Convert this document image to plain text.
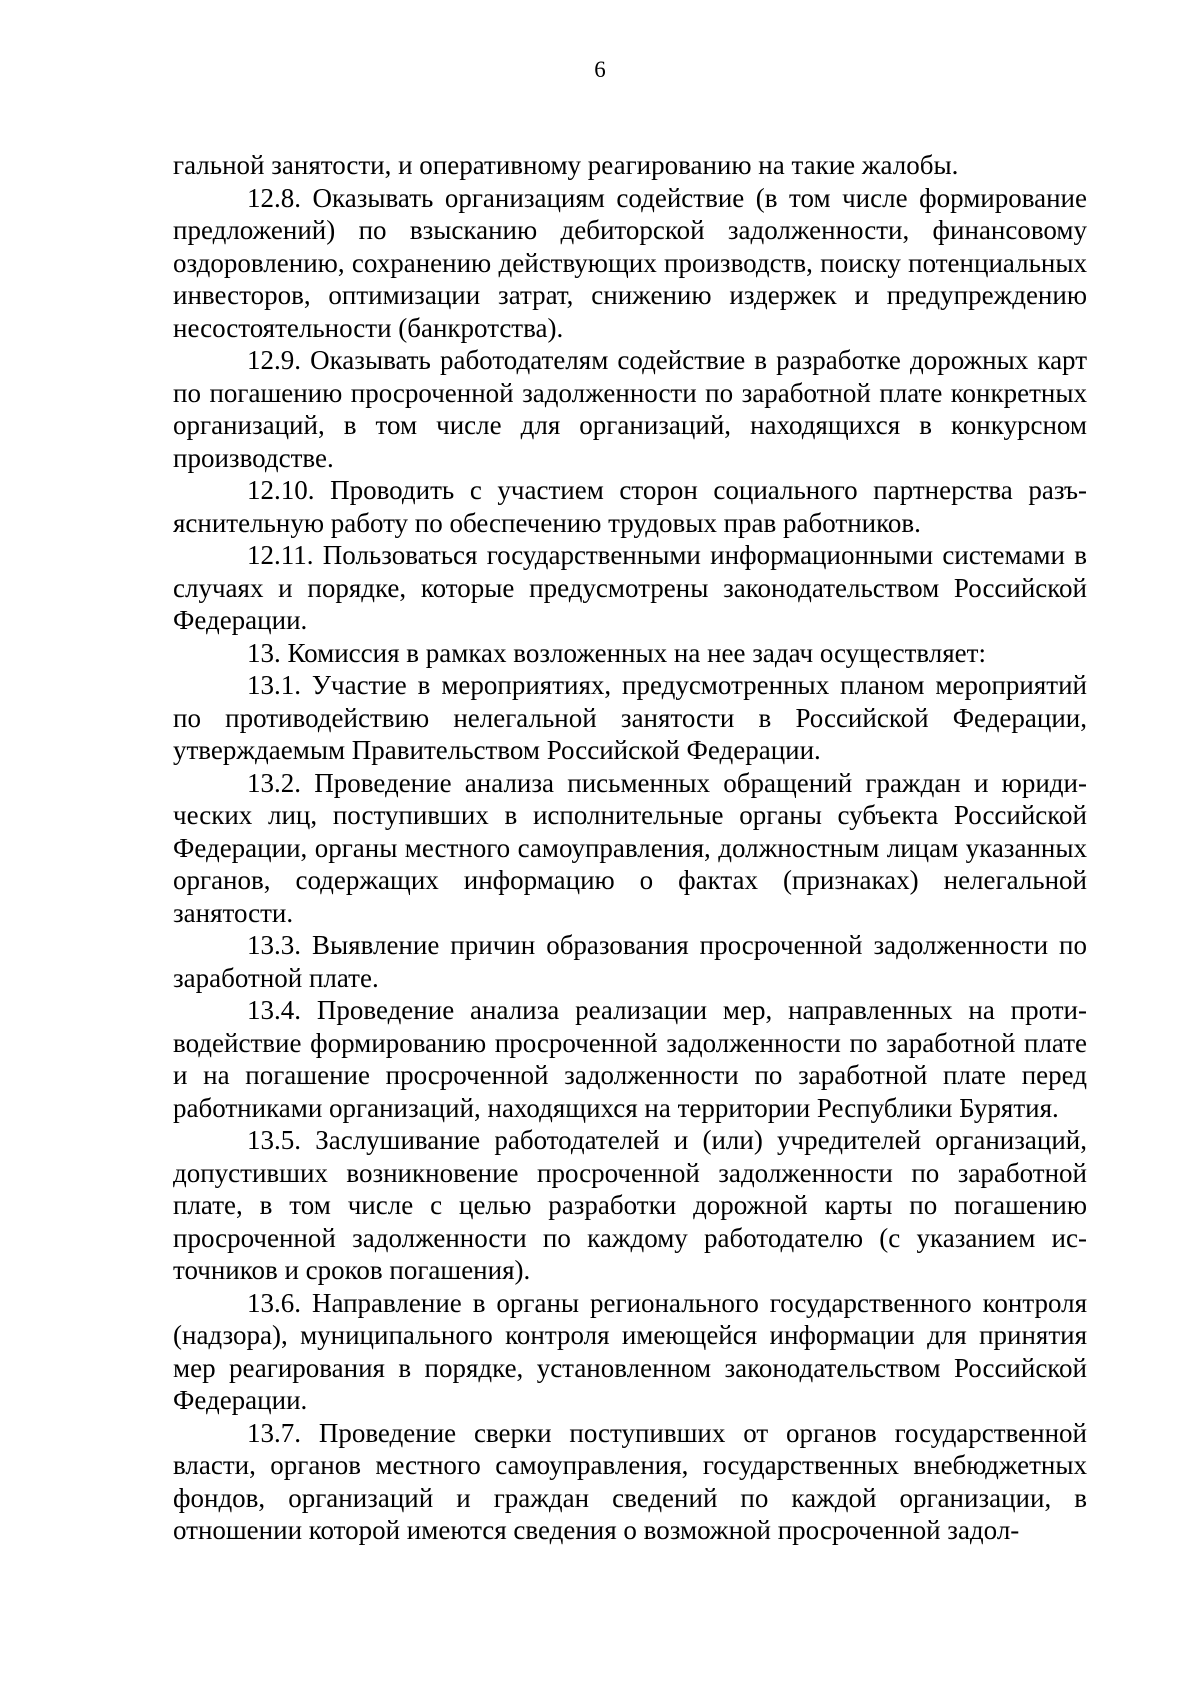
6

гальной занятости, и оперативному реагированию на такие жалобы.

12.8. Оказывать организациям содействие (в том числе формирование предложений) по взысканию дебиторской задолженности, финансовому оздоровлению, сохранению действующих производств, поиску потенциальных инвесторов, оптимизации затрат, снижению издержек и предупреждению несостоятельности (банкротства).

12.9. Оказывать работодателям содействие в разработке дорожных карт по погашению просроченной задолженности по заработной плате конкретных организаций, в том числе для организаций, находящихся в конкурсном производстве.

12.10. Проводить с участием сторон социального партнерства разъяснительную работу по обеспечению трудовых прав работников.

12.11. Пользоваться государственными информационными системами в случаях и порядке, которые предусмотрены законодательством Российской Федерации.

13. Комиссия в рамках возложенных на нее задач осуществляет:

13.1. Участие в мероприятиях, предусмотренных планом мероприятий по противодействию нелегальной занятости в Российской Федерации, утверждаемым Правительством Российской Федерации.

13.2. Проведение анализа письменных обращений граждан и юридических лиц, поступивших в исполнительные органы субъекта Российской Федерации, органы местного самоуправления, должностным лицам указанных органов, содержащих информацию о фактах (признаках) нелегальной занятости.

13.3. Выявление причин образования просроченной задолженности по заработной плате.

13.4. Проведение анализа реализации мер, направленных на противодействие формированию просроченной задолженности по заработной плате и на погашение просроченной задолженности по заработной плате перед работниками организаций, находящихся на территории Республики Бурятия.

13.5. Заслушивание работодателей и (или) учредителей организаций, допустивших возникновение просроченной задолженности по заработной плате, в том числе с целью разработки дорожной карты по погашению просроченной задолженности по каждому работодателю (с указанием источников и сроков погашения).

13.6. Направление в органы регионального государственного контроля (надзора), муниципального контроля имеющейся информации для принятия мер реагирования в порядке, установленном законодательством Российской Федерации.

13.7. Проведение сверки поступивших от органов государственной власти, органов местного самоуправления, государственных внебюджетных фондов, организаций и граждан сведений по каждой организации, в отношении которой имеются сведения о возможной просроченной задол-
